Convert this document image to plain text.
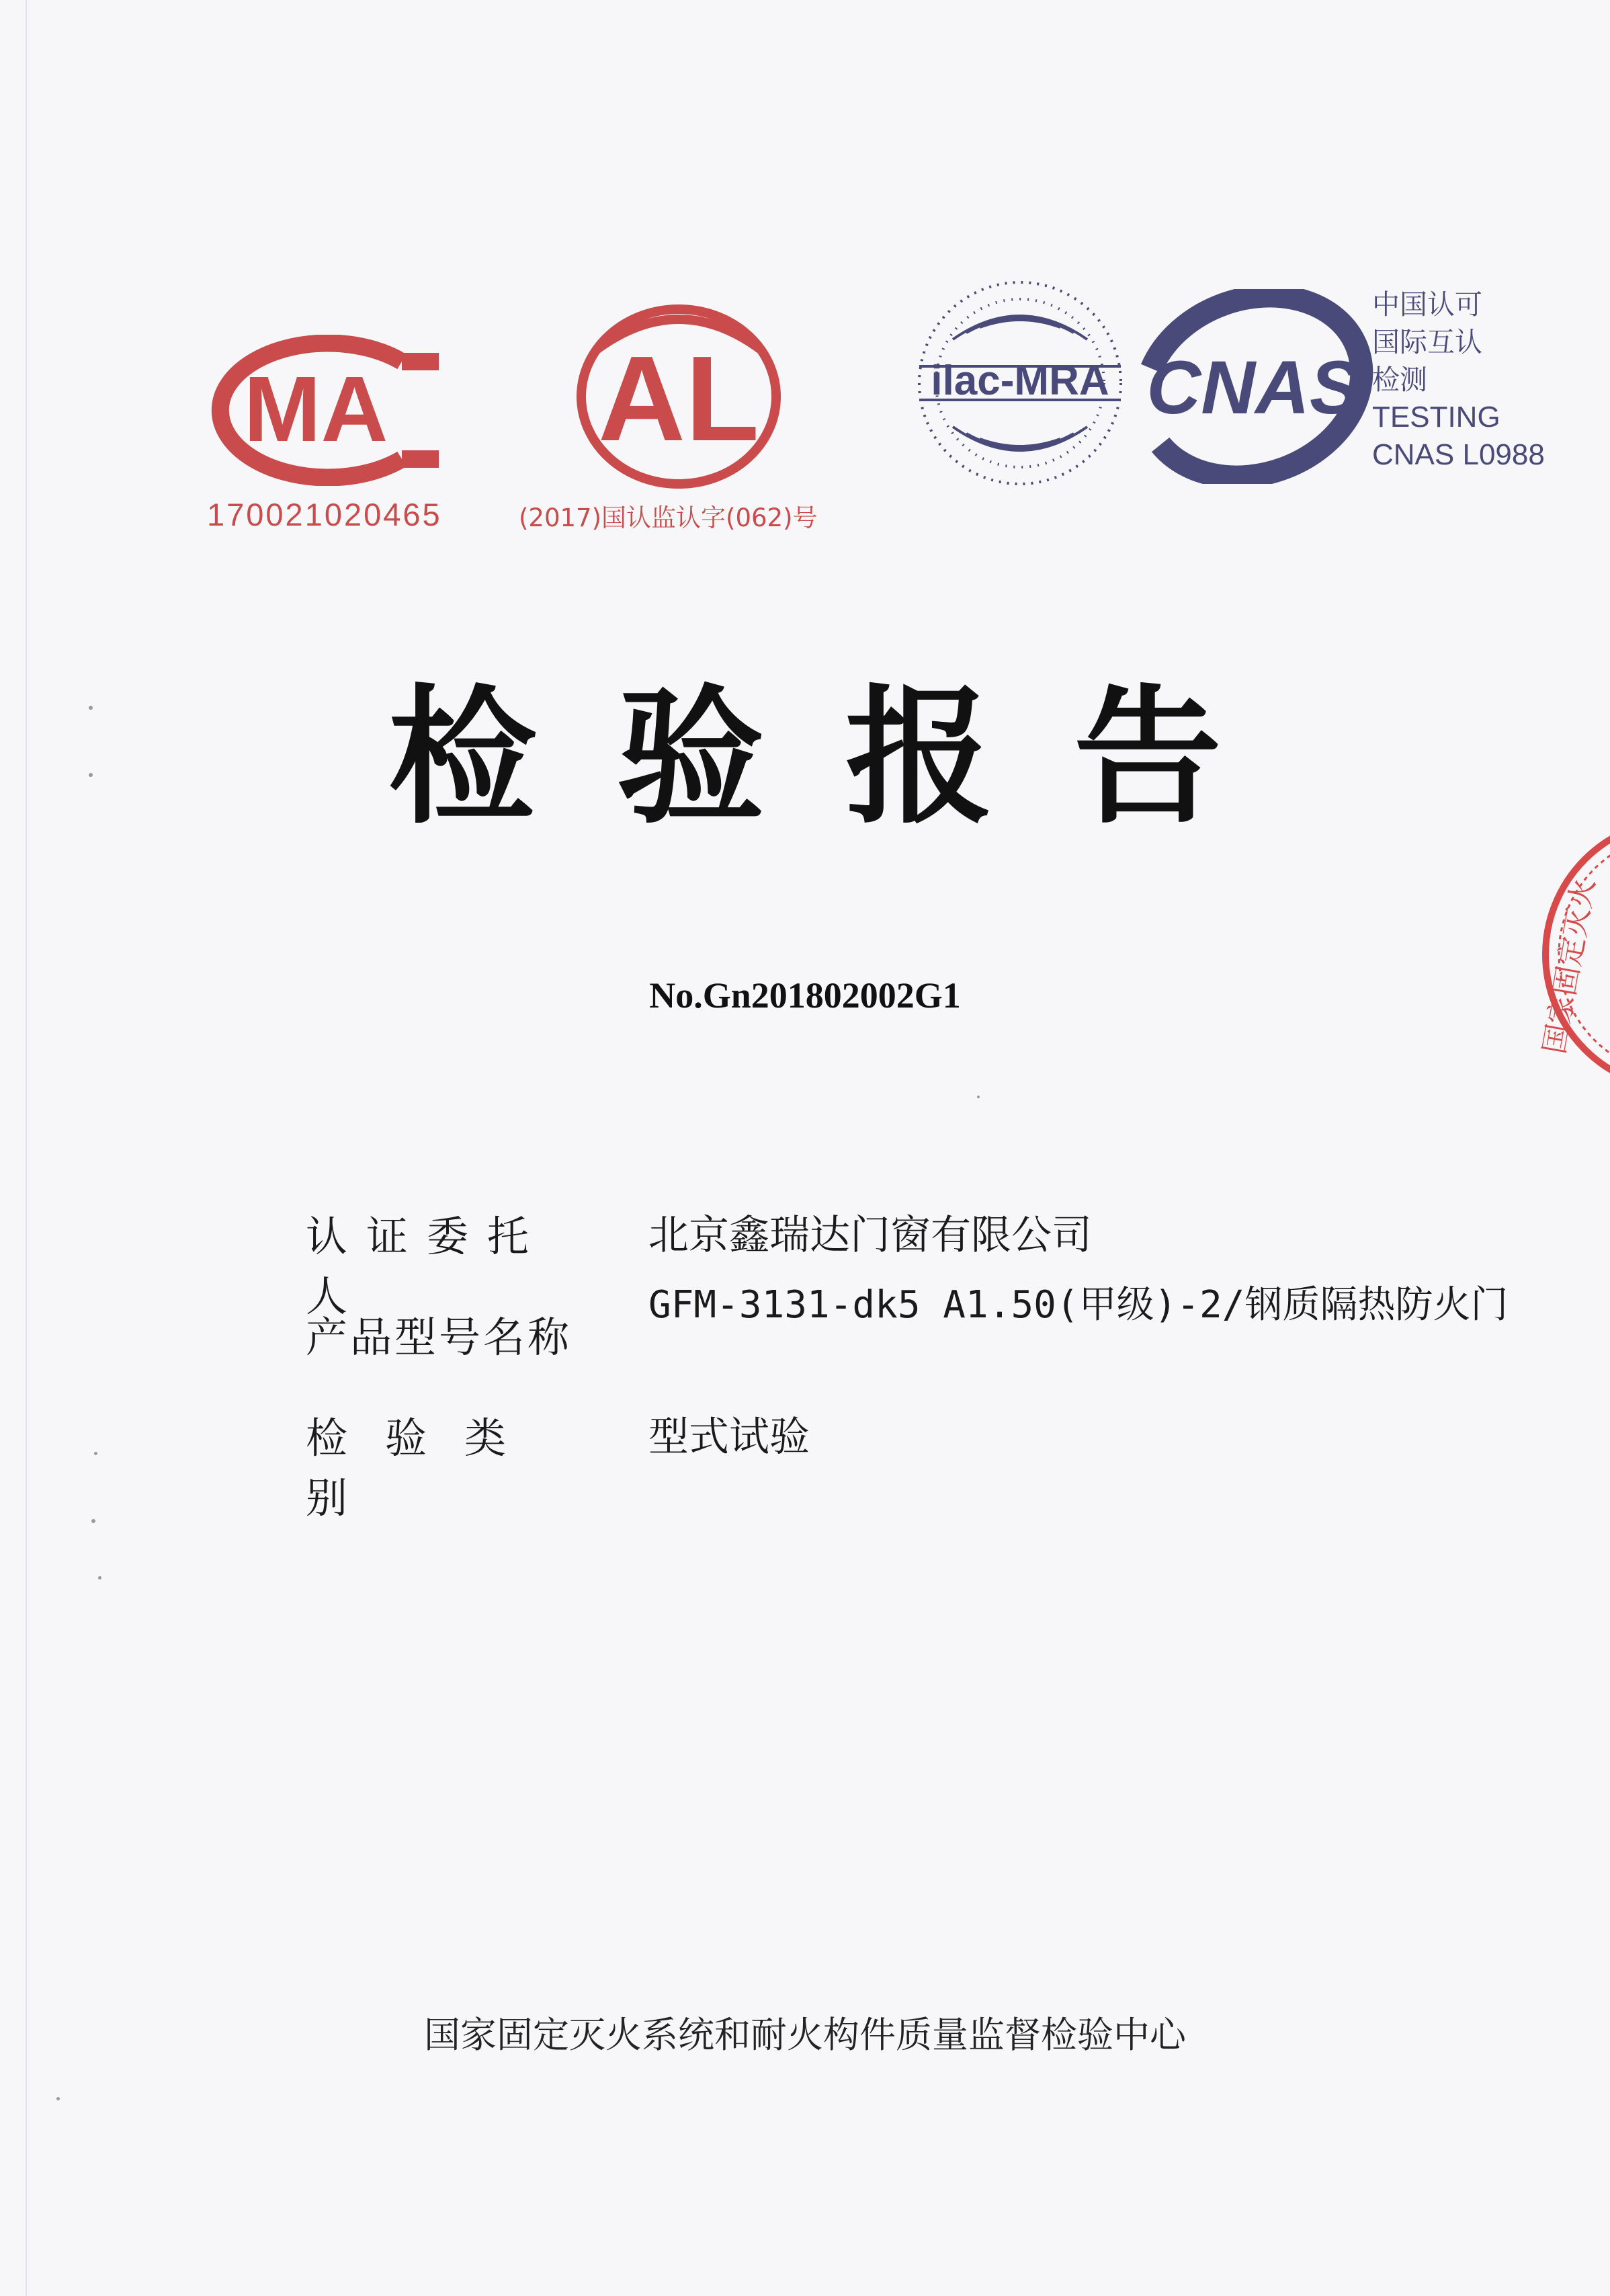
MA
170021020465
AL
(2017)国认监认字(062)号
ilac-MRA CNAS
中国认可
国际互认
检测
TESTING
CNAS L0988
检验报告
No.Gn201802002G1
认证委托人
北京鑫瑞达门窗有限公司
产品型号名称
GFM-3131-dk5 A1.50(甲级)-2/钢质隔热防火门
检验类别
型式试验
国家固定灭火系统和耐火构件质量监督检验中心
国家固定灭火
